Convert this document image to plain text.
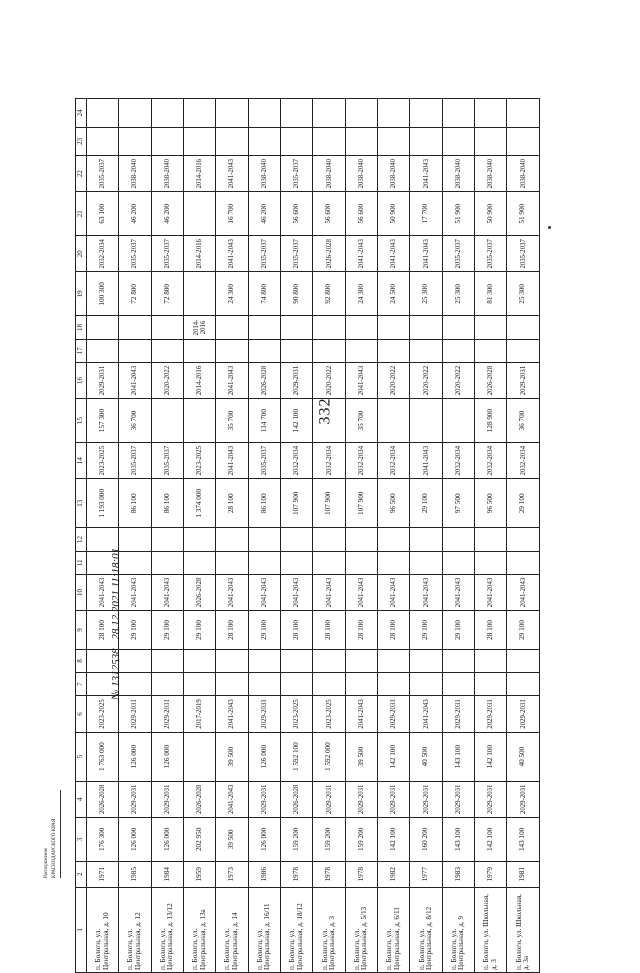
332
1	2	3	4	5	6	7	8	9	10	11	12	13	14	15	16	17	18	19	20	21	22	23	24
п. Бологи, ул. Центральная, д. 10	1971	176 300	2026-2028	1 763 000	2023-2025			28 100	2041-2043			1 193 000	2023-2025	157 300	2029-2031			100 300	2032-2034	63 100	2035-2037		
п. Бологи, ул. Центральная, д. 12	1985	126 000	2029-2031	126 000	2029-2031			29 100	2041-2043			86 100	2035-2037	36 700	2041-2043			72 800	2035-2037	46 200	2038-2040		
п. Бологи, ул. Центральная, д. 13/12	1984	126 000	2029-2031	126 000	2029-2031			29 100	2041-2043			86 100	2035-2037		2020-2022			72 800	2035-2037	46 200	2038-2040		
п. Бологи, ул. Центральная, д. 13а	1959	202 950	2026-2028		2017-2019			29 100	2026-2028			1 374 000	2023-2025		2014-2016		2014-2016		2014-2016		2014-2016		
п. Бологи, ул. Центральная, д. 14	1973	39 500	2041-2043	39 500	2041-2043			28 100	2041-2043			28 100	2041-2043	35 700	2041-2043			24 300	2041-2043	16 700	2041-2043		
п. Бологи, ул. Центральная, д. 16/11	1986	126 000	2029-2031	126 000	2029-2031			29 100	2041-2043			86 100	2035-2037	114 700	2026-2028			74 800	2035-2037	46 200	2038-2040		
п. Бологи, ул. Центральная, д. 18/12	1978	159 200	2026-2028	1 592 100	2023-2025			28 100	2041-2043			107 900	2032-2034	142 100	2029-2031			90 800	2035-2037	56 600	2035-2037		
п. Бологи, ул. Центральная, д. 3	1978	159 200	2029-2031	1 592 000	2023-2025			28 100	2041-2043			107 900	2032-2034		2020-2022			92 800	2026-2028	56 600	2038-2040		
п. Бологи, ул. Центральная, д. 5/13	1978	159 200	2029-2031	39 500	2041-2043			28 100	2041-2043			107 900	2032-2034	35 700	2041-2043			24 300	2041-2043	56 600	2038-2040		
п. Бологи, ул. Центральная, д. 6/11	1982	142 100	2029-2031	142 100	2029-2031			28 100	2041-2043			96 500	2032-2034		2020-2022			24 500	2041-2043	50 900	2038-2040		
п. Бологи, ул. Центральная, д. 8/12	1977	160 200	2029-2031	40 500	2041-2043			29 100	2041-2043			29 100	2041-2043		2020-2022			25 300	2041-2043	17 700	2041-2043		
п. Бологи, ул. Центральная, д. 9	1983	143 100	2029-2031	143 100	2029-2031			29 100	2041-2043			97 500	2032-2034		2020-2022			25 300	2035-2037	51 900	2038-2040		
п. Бологи, ул. Школьная, д. 3	1979	142 100	2029-2031	142 100	2029-2031			28 100	2041-2043			96 500	2032-2034	128 900	2026-2028			81 300	2035-2037	50 900	2038-2040		
п. Бологи, ул. Школьная, д. 3а	1981	143 100	2029-2031	40 500	2029-2031			29 100	2041-2043			29 100	2032-2034	36 700	2029-2031			25 300	2035-2037	51 900	2038-2040		
№ 1312538 28.12.2021 11:18:01
Распоряжение КРАСНОДАРСКОГО КРАЯ
